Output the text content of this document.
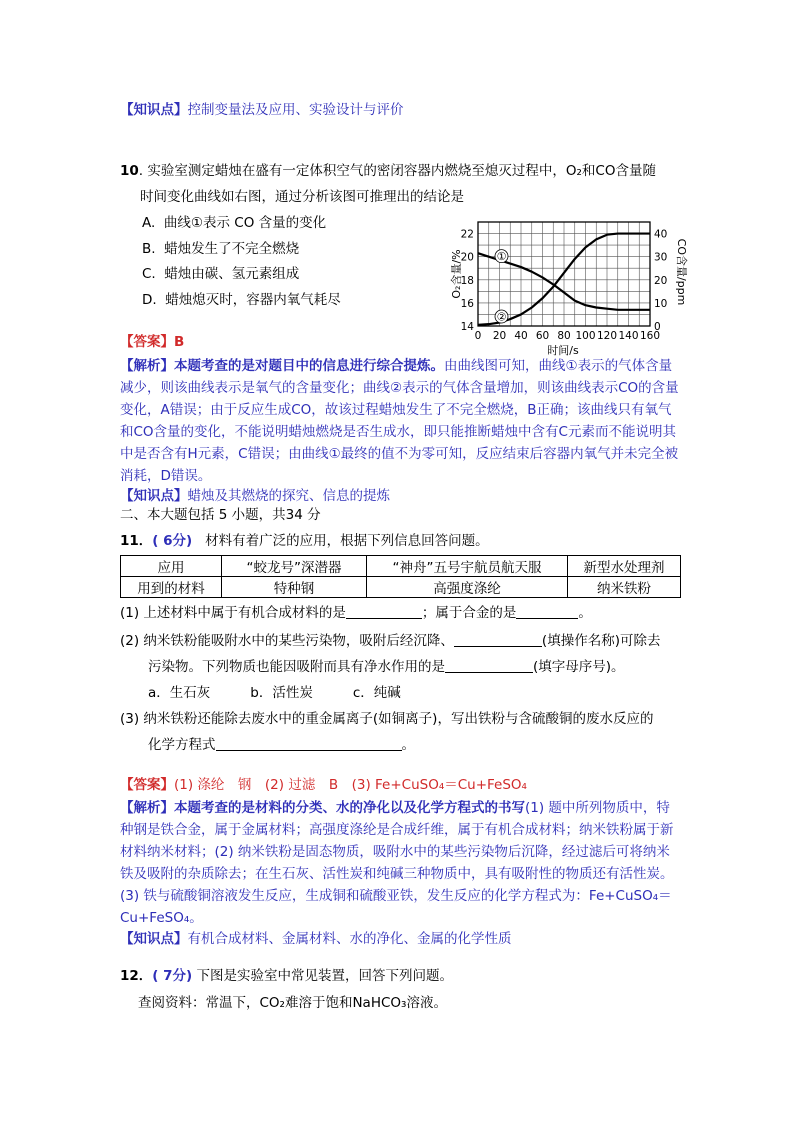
【知识点】控制变量法及应用、实验设计与评价
10. 实验室测定蜡烛在盛有一定体积空气的密闭容器内燃烧至熄灭过程中，O₂和CO含量随
时间变化曲线如右图，通过分析该图可推理出的结论是
A. 曲线①表示 CO 含量的变化
B. 蜡烛发生了不完全燃烧
C. 蜡烛由碳、氢元素组成
D. 蜡烛熄灭时，容器内氧气耗尽
0 20 40 60 80 100 120 140 160
14
16
18
20
22
0
10
20
30
40
①
②
时间/s
O₂含量/%	CO含量/ppm
【答案】B
【解析】本题考查的是对题目中的信息进行综合提炼。由曲线图可知，曲线①表示的气体含量减少，则该曲线表示是氧气的含量变化；曲线②表示的气体含量增加，则该曲线表示CO的含量变化，A错误；由于反应生成CO，故该过程蜡烛发生了不完全燃烧，B正确；该曲线只有氧气和CO含量的变化，不能说明蜡烛燃烧是否生成水，即只能推断蜡烛中含有C元素而不能说明其中是否含有H元素，C错误；由曲线①最终的值不为零可知，反应结束后容器内氧气并未完全被消耗，D错误。
【知识点】蜡烛及其燃烧的探究、信息的提炼
二、本大题包括 5 小题，共34 分
11．( 6分) 材料有着广泛的应用，根据下列信息回答问题。
应用	“蛟龙号”深潜器	“神舟”五号宇航员航天服	新型水处理剂
用到的材料	特种钢	高强度涤纶	纳米铁粉
(1) 上述材料中属于有机合成材料的是	；属于合金的是	。
(2) 纳米铁粉能吸附水中的某些污染物，吸附后经沉降、	(填操作名称)可除去
污染物。下列物质也能因吸附而具有净水作用的是	(填字母序号)。
a．生石灰	b．活性炭	c．纯碱
(3) 纳米铁粉还能除去废水中的重金属离子(如铜离子)，写出铁粉与含硫酸铜的废水反应的
化学方程式	。
【答案】(1) 涤纶　钢　(2) 过滤　B　(3) Fe+CuSO₄＝Cu+FeSO₄
【解析】本题考查的是材料的分类、水的净化以及化学方程式的书写(1) 题中所列物质中，特种钢是铁合金，属于金属材料；高强度涤纶是合成纤维，属于有机合成材料；纳米铁粉属于新材料纳米材料；(2) 纳米铁粉是固态物质，吸附水中的某些污染物后沉降，经过滤后可将纳米铁及吸附的杂质除去；在生石灰、活性炭和纯碱三种物质中，具有吸附性的物质还有活性炭。(3) 铁与硫酸铜溶液发生反应，生成铜和硫酸亚铁，发生反应的化学方程式为：Fe+CuSO₄＝Cu+FeSO₄。
【知识点】有机合成材料、金属材料、水的净化、金属的化学性质
12．( 7分) 下图是实验室中常见装置，回答下列问题。
查阅资料：常温下，CO₂难溶于饱和NaHCO₃溶液。
